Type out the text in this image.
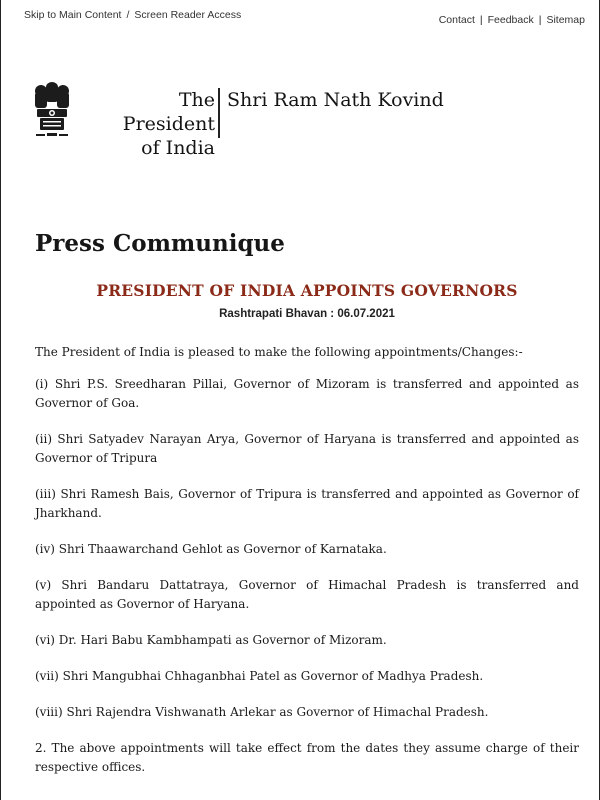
Skip to Main Content / Screen Reader Access	Contact | Feedback | Sitemap
The President
of India
Shri Ram Nath Kovind
Press Communique
PRESIDENT OF INDIA APPOINTS GOVERNORS
Rashtrapati Bhavan : 06.07.2021

The President of India is pleased to make the following appointments/Changes:-

(i) Shri P.S. Sreedharan Pillai, Governor of Mizoram is transferred and appointed as Governor of Goa.

(ii) Shri Satyadev Narayan Arya, Governor of Haryana is transferred and appointed as Governor of Tripura

(iii) Shri Ramesh Bais, Governor of Tripura is transferred and appointed as Governor of Jharkhand.

(iv) Shri Thaawarchand Gehlot as Governor of Karnataka.

(v) Shri Bandaru Dattatraya, Governor of Himachal Pradesh is transferred and appointed as Governor of Haryana.

(vi) Dr. Hari Babu Kambhampati as Governor of Mizoram.

(vii) Shri Mangubhai Chhaganbhai Patel as Governor of Madhya Pradesh.

(viii) Shri Rajendra Vishwanath Arlekar as Governor of Himachal Pradesh.

2. The above appointments will take effect from the dates they assume charge of their respective offices.
